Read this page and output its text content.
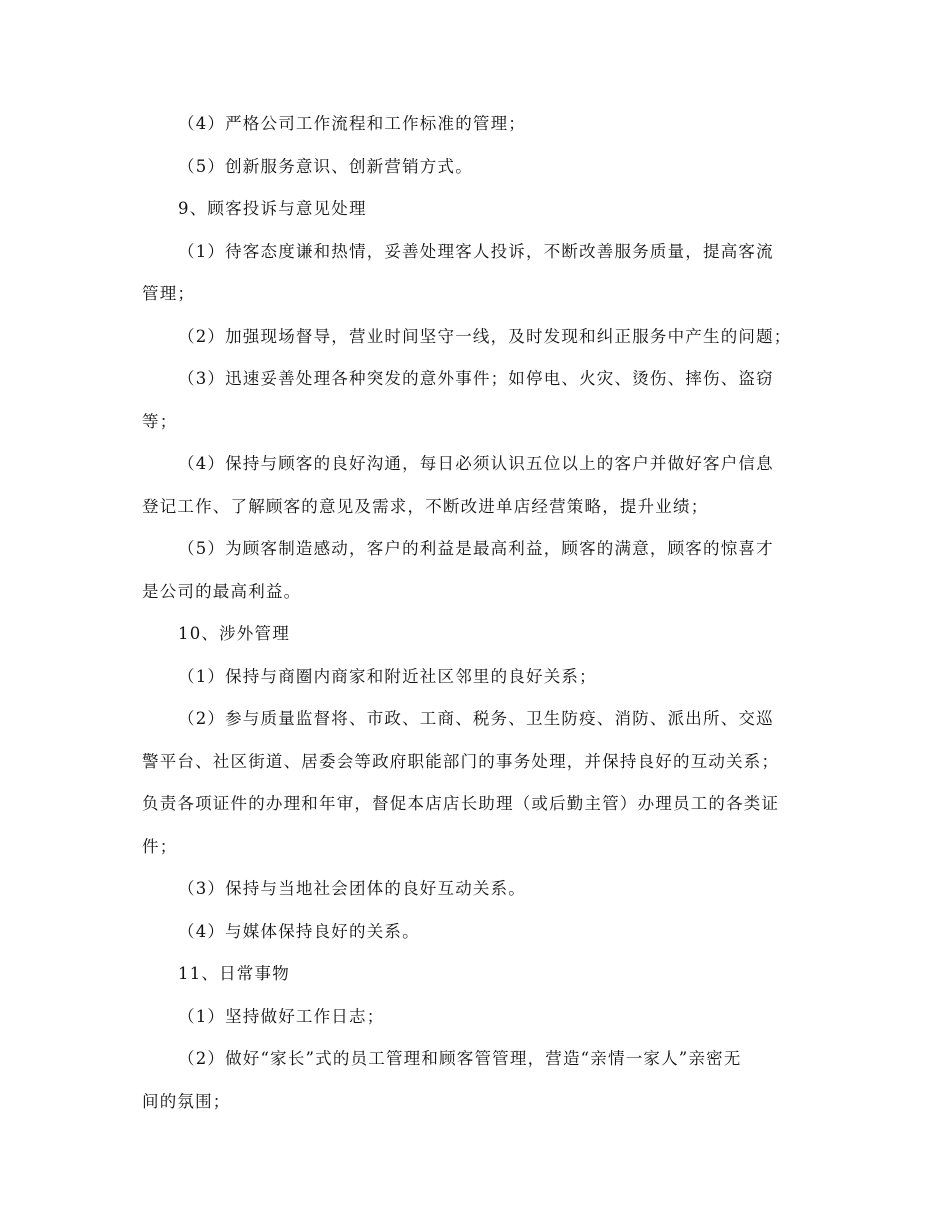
（4）严格公司工作流程和工作标准的管理；
（5）创新服务意识、创新营销方式。
9、顾客投诉与意见处理
（1）待客态度谦和热情，妥善处理客人投诉，不断改善服务质量，提高客流
管理；
（2）加强现场督导，营业时间坚守一线，及时发现和纠正服务中产生的问题；
（3）迅速妥善处理各种突发的意外事件；如停电、火灾、烫伤、摔伤、盗窃
等；
（4）保持与顾客的良好沟通，每日必须认识五位以上的客户并做好客户信息
登记工作、了解顾客的意见及需求，不断改进单店经营策略，提升业绩；
（5）为顾客制造感动，客户的利益是最高利益，顾客的满意，顾客的惊喜才
是公司的最高利益。
10、涉外管理
（1）保持与商圈内商家和附近社区邻里的良好关系；
（2）参与质量监督将、市政、工商、税务、卫生防疫、消防、派出所、交巡
警平台、社区街道、居委会等政府职能部门的事务处理，并保持良好的互动关系；
负责各项证件的办理和年审，督促本店店长助理（或后勤主管）办理员工的各类证
件；
（3）保持与当地社会团体的良好互动关系。
（4）与媒体保持良好的关系。
11、日常事物
（1）坚持做好工作日志；
（2）做好“家长”式的员工管理和顾客管管理，营造“亲情一家人”亲密无
间的氛围；
